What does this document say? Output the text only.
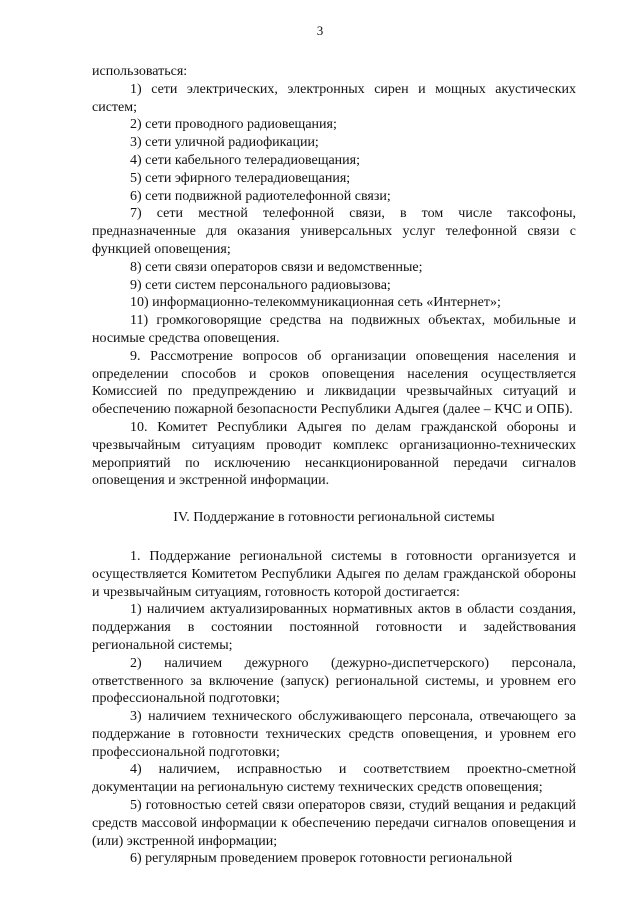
3

использоваться:

1) сети электрических, электронных сирен и мощных акустических систем;

2) сети проводного радиовещания;

3) сети уличной радиофикации;

4) сети кабельного телерадиовещания;

5) сети эфирного телерадиовещания;

6) сети подвижной радиотелефонной связи;

7) сети местной телефонной связи, в том числе таксофоны, предназначенные для оказания универсальных услуг телефонной связи с функцией оповещения;

8) сети связи операторов связи и ведомственные;

9) сети систем персонального радиовызова;

10) информационно-телекоммуникационная сеть «Интернет»;

11) громкоговорящие средства на подвижных объектах, мобильные и носимые средства оповещения.

9. Рассмотрение вопросов об организации оповещения населения и определении способов и сроков оповещения населения осуществляется Комиссией по предупреждению и ликвидации чрезвычайных ситуаций и обеспечению пожарной безопасности Республики Адыгея (далее – КЧС и ОПБ).

10. Комитет Республики Адыгея по делам гражданской обороны и чрезвычайным ситуациям проводит комплекс организационно-технических мероприятий по исключению несанкционированной передачи сигналов оповещения и экстренной информации.

IV. Поддержание в готовности региональной системы

1. Поддержание региональной системы в готовности организуется и осуществляется Комитетом Республики Адыгея по делам гражданской обороны и чрезвычайным ситуациям, готовность которой достигается:

1) наличием актуализированных нормативных актов в области создания, поддержания в состоянии постоянной готовности и задействования региональной системы;

2) наличием дежурного (дежурно-диспетчерского) персонала, ответственного за включение (запуск) региональной системы, и уровнем его профессиональной подготовки;

3) наличием технического обслуживающего персонала, отвечающего за поддержание в готовности технических средств оповещения, и уровнем его профессиональной подготовки;

4) наличием, исправностью и соответствием проектно-сметной документации на региональную систему технических средств оповещения;

5) готовностью сетей связи операторов связи, студий вещания и редакций средств массовой информации к обеспечению передачи сигналов оповещения и (или) экстренной информации;

6) регулярным проведением проверок готовности региональной
